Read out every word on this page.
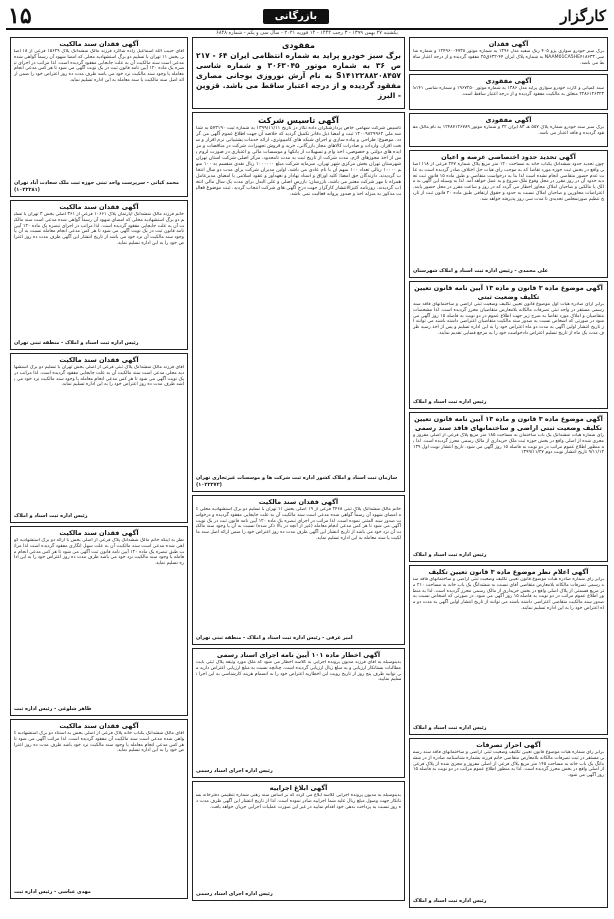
کارگزار
بازرگانی
۱۵
یکشنبه ۲۷ بهمن ۱۳۹۹ - ۳ رجب ۱۴۴۲ - ۱۴ فوریه ۲۰۲۱ - سال سی و یکم - شماره ۶۸۴۸
آگهی فقدان
برگ سبز خودرو سواری پژو ۴۰۵ رنگ سفید مدل ۱۳۹۶ به شماره موتور ۱۲۴۹۶۰۰۴۷۳۸ و شماره شاسی NAAM01CA5HE۴۱۸۶۳۳ به شماره پلاک ایران ۴۴-۶۳۲ق۲۵ مفقود گردیده و از درجه اعتبار ساقط می باشد.
آگهی مفقودی
سند کمپانی و کارت خودرو سواری پراید مدل ۱۳۸۶ به شماره موتور ۱۹۶۷۲۵۰ و شماره شاسی S۱۴۱۲۲۸۶۱۲۶۳۲۳ متعلق به مالکیت مفقود گردیده و از درجه اعتبار ساقط است.
آگهی مفقودی
برگ سبز سند خودرو شماره پلاک ۵۵۷ هـ ۸۳ ایران ۲۲ و شماره موتور ۱۲۴۸۷۱۲۶۷۸۹ به نام مالک مفقود گردیده و فاقد اعتبار می باشد.
آگهی تحدید حدود اختصاصی عرصه و اعیان
چون تحدید حدود ششدانگ یکباب خانه به مساحت ۱۲۰ متر مربع پلاک شماره ۲۴۷ فرعی از ۱۱۸ اصلی واقع در بخش ثبت حوزه مورد تقاضا که به موجب رای هیات حل اختلاف صادر گردیده است به علت عدم حضور متقاضی انجام نشده است لذا بنا به درخواست متقاضی و طبق ماده ۱۵ قانون ثبت تحدید حدود آن در روز مقرر در محل وقوع ملک شروع و به عمل خواهد آمد. لذا به وسیله این آگهی به مالک یا مالکین و صاحبان املاک مجاور اخطار می گردد که در روز و ساعت مقرر در محل حضور یابند. اعتراضات مجاورین و صاحبان املاک نسبت به حدود و حقوق ارتفاقی طبق ماده ۲۰ قانون ثبت از تاریخ تنظیم صورتمجلس تحدیدی تا مدت سی روز پذیرفته خواهد شد.
علی محمدی - رئیس اداره ثبت اسناد و املاک شهرستان
آگهی موضوع ماده ۳ قانون و ماده ۱۳ آیین نامه قانون تعیین تکلیف وضعیت ثبتی
برابر آرای صادره هیات اول موضوع قانون تعیین تکلیف وضعیت ثبتی اراضی و ساختمانهای فاقد سند رسمی مستقر در واحد ثبتی تصرفات مالکانه بلامعارض متقاضیان محرز گردیده است. لذا مشخصات متقاضیان و املاک مورد تقاضا به شرح زیر جهت اطلاع عموم در دو نوبت به فاصله ۱۵ روز آگهی می شود در صورتی که اشخاص نسبت به صدور سند مالکیت متقاضیان اعتراضی داشته باشند می توانند از تاریخ انتشار اولین آگهی به مدت دو ماه اعتراض خود را به این اداره تسلیم و پس از اخذ رسید ظرف مدت یک ماه از تاریخ تسلیم اعتراض دادخواست خود را به مرجع قضایی تقدیم نمایند.
رئیس اداره ثبت اسناد و املاک
آگهی موضوع ماده ۳ قانون و ماده ۱۳ آیین نامه قانون تعیین تکلیف وضعیت ثبتی اراضی و ساختمانهای فاقد سند رسمی
رای شماره هیات ششدانگ یک باب ساختمان به مساحت ۱۸۵ متر مربع پلاک فرعی از اصلی مفروز و مجزی شده از اصلی واقع در بخش حوزه ثبت ملک خریداری از مالک رسمی محرز گردیده است. لذا به منظور اطلاع عموم مراتب در دو نوبت به فاصله ۱۵ روز آگهی می شود. تاریخ انتشار نوبت اول ۱۳۹۹/۱۱/۱۲ تاریخ انتشار نوبت دوم ۱۳۹۹/۱۱/۲۷
رئیس اداره ثبت اسناد و املاک
آگهی اعلام نظر موضوع ماده ۳ قانون تعیین تکلیف
برابر رای شماره صادره هیات موضوع قانون تعیین تکلیف وضعیت ثبتی اراضی و ساختمانهای فاقد سند رسمی تصرفات مالکانه بلامعارض متقاضی آقای نسبت به ششدانگ یک باب خانه به مساحت ۲۱۰ متر مربع قسمتی از پلاک اصلی واقع در بخش خریداری از مالک رسمی محرز گردیده است. لذا به منظور اطلاع عموم مراتب در دو نوبت به فاصله ۱۵ روز آگهی می شود. در صورتی که اشخاص نسبت به صدور سند مالکیت متقاضی اعتراضی داشته باشند می توانند از تاریخ انتشار اولین آگهی به مدت دو ماه اعتراض خود را به این اداره تسلیم نمایند.
رئیس اداره ثبت اسناد و املاک
آگهی احراز تصرفات
برابر رای شماره هیات موضوع قانون تعیین تکلیف وضعیت ثبتی اراضی و ساختمانهای فاقد سند رسمی مستقر در ثبت تصرفات مالکانه بلامعارض متقاضی خانم فرزند بشماره شناسنامه صادره از در ششدانگ یک باب خانه به مساحت ۱۴۵ متر مربع پلاک فرعی از اصلی مفروز و مجزی شده از پلاک فرعی از اصلی واقع در بخش محرز گردیده است. لذا به منظور اطلاع عموم مراتب در دو نوبت به فاصله ۱۵ روز آگهی می شود.
رئیس اداره ثبت اسناد و املاک
مفقودی
برگ سبز خودرو پراید به شماره انتظامی ایران ۶۴ - ۲۱۷ ص ۳۶ به شماره موتور ۳۰۶۳۰۴۵ و شماره شاسی S۱۴۱۲۲۸۸۲۰۸۴۵۷ به نام آرش نوروزی بوجانی مصاری مفقود گردیده و از درجه اعتبار ساقط می باشد. قزوین - البرز
آگهی تاسیس شرکت
تاسیس شرکت سهامی خاص پردازشگران داده تکار در تاریخ ۱۳۹۹/۱۱/۱۱ به شماره ثبت ۵۷۳۱۹۰ به شناسه ملی ۱۴۰۰۹۸۲۹۹۶۲ ثبت و امضا ذیل دفاتر تکمیل گردید که خلاصه آن جهت اطلاع عموم آگهی می گردد. موضوع: طراحی و پیاده سازی و اجرای شبکه های کامپیوتری، ارائه خدمات پشتیبانی نرم افزار و سخت افزار، واردات و صادرات کالاهای مجاز بازرگانی، خرید و فروش تجهیزات، شرکت در مناقصات و مزایده های دولتی و خصوصی، اخذ وام و تسهیلات از بانکها و موسسات مالی و اعتباری در صورت لزوم پس از اخذ مجوزهای لازم. مدت شرکت از تاریخ ثبت به مدت نامحدود. مرکز اصلی شرکت استان تهران شهرستان تهران بخش مرکزی شهر تهران. سرمایه شرکت مبلغ ۱۰۰۰۰۰۰ ریال نقدی منقسم به ۱۰۰ سهم ۱۰۰۰۰ ریالی تعداد ۱۰۰ سهم آن با نام عادی می باشد. اولین مدیران شرکت برای مدت دو سال انتخاب گردیدند. دارندگان حق امضا: کلیه اوراق و اسناد بهادار و تعهدآور و عقود اسلامی با امضای مدیرعامل همراه با مهر شرکت معتبر می باشد. بازرسان: بازرس اصلی و علی البدل برای مدت یک سال مالی انتخاب گردیدند. روزنامه کثیرالانتشار کارگزار جهت درج آگهی های شرکت انتخاب گردید. ثبت موضوع فعالیت مذکور به منزله اخذ و صدور پروانه فعالیت نمی باشد.
سازمان ثبت اسناد و املاک کشور اداره ثبت شرکت ها و موسسات غیرتجاری تهران (۱۰۲۲۲۷۲)
آگهی فقدان سند مالکیت
خانم مالک ششدانگ پلاک ثبتی ۲۴۶۸ فرعی از ۱۹ اصلی بخش ۱۱ تهران با تسلیم دو برگ استشهادیه محلی که امضای شهود آن رسماً گواهی شده مدعی است سند مالکیت آن به علت جابجایی مفقود گردیده و درخواست صدور سند المثنی نموده است. لذا مراتب در اجرای تبصره یک ماده ۱۲۰ آیین نامه قانون ثبت در یک نوبت آگهی می شود تا هر کس مدعی انجام معامله (غیر از آنچه در بالا ذکر شده) نسبت به آن یا وجود سند مالکیت آن نزد خود می باشد از تاریخ انتشار این آگهی ظرف مدت ده روز اعتراض خود را ضمن ارائه اصل سند مالکیت یا سند معامله به این اداره تسلیم نماید.
امیر غرقی - رئیس اداره ثبت اسناد و املاک - منطقه ثبتی تهران
آگهی اخطار ماده ۱۰۱ آیین نامه اجرای اسناد رسمی
بدینوسیله به آقای فرزند مدیون پرونده اجرایی به کلاسه اخطار می شود که ملک مورد وثیقه پلاک ثبتی بابت مطالبات بستانکار ارزیابی و به مبلغ ریال ارزیابی گردیده است. چنانچه نسبت به مبلغ ارزیابی اعتراض دارید می توانید ظرف پنج روز از تاریخ رویت این اخطاریه اعتراض خود را به انضمام هزینه کارشناسی به این اجرا تسلیم نمایید.
رئیس اداره اجرای اسناد رسمی
آگهی ابلاغ اجراییه
بدینوسیله به مدیون پرونده اجرایی کلاسه ابلاغ می گردد که بر اساس سند رهنی شماره تنظیمی دفترخانه بستانکار جهت وصول مبلغ ریال علیه شما اجراییه صادر نموده است. لذا از تاریخ انتشار این آگهی ظرف مدت ده روز نسبت به پرداخت بدهی خود اقدام نمایید در غیر این صورت عملیات اجرایی جریان خواهد یافت.
رئیس اداره اجرای اسناد رسمی
آگهی فقدان سند مالکیت
آقای حبیب الله اسماعیل زاده شاگرد فرزند مالک ششدانگ پلاک ۱۵۶۲۹ فرعی از ۱۸ اصلی بخش ۱۱ تهران با تسلیم دو برگ استشهادیه محلی که امضا شهود آن رسماً گواهی شده مدعی است سند مالکیت آن به علت جابجایی مفقود گردیده است. لذا مراتب در اجرای تبصره یک ماده ۱۲۰ آیین نامه قانون ثبت در یک نوبت آگهی می شود تا هر کس مدعی انجام معامله یا وجود سند مالکیت نزد خود می باشد ظرف مدت ده روز اعتراض خود را ضمن ارائه اصل سند مالکیت یا سند معامله به این اداره تسلیم نماید.
محمد کیانی - سرپرست واحد ثبتی حوزه ثبت ملک سعادت آباد تهران (۱۰۲۲۲۸۱)
آگهی فقدان سند مالکیت
خانم فرزند مالک ششدانگ آپارتمان پلاک ۱۰۶۶۱ فرعی از ۳۶۱ اصلی بخش ۳ تهران با تسلیم دو برگ استشهادیه محلی که امضای شهود آن رسماً گواهی شده مدعی است سند مالکیت آن به علت جابجایی مفقود گردیده است. لذا مراتب در اجرای تبصره یک ماده ۱۲۰ آیین نامه قانون ثبت در یک نوبت آگهی می شود تا هر کس مدعی انجام معامله نسبت به آن یا وجود سند مالکیت آن نزد خود می باشد از تاریخ انتشار این آگهی ظرف مدت ده روز اعتراض خود را به این اداره تسلیم نماید.
رئیس اداره ثبت اسناد و املاک - منطقه ثبتی تهران
آگهی فقدان سند مالکیت
آقای فرزند مالک ششدانگ پلاک ثبتی فرعی از اصلی بخش تهران با تسلیم دو برگ استشهادیه محلی مدعی است سند مالکیت آن به علت جابجایی مفقود گردیده است. لذا مراتب در یک نوبت آگهی می شود تا هر کس مدعی انجام معامله یا وجود سند مالکیت نزد خود می باشد ظرف مدت ده روز اعتراض خود را به این اداره تسلیم نماید.
رئیس اداره ثبت اسناد و املاک
آگهی فقدان سند مالکیت
نظر به اینکه خانم مالک ششدانگ پلاک فرعی از اصلی بخش با ارائه دو برگ استشهادیه گواهی شده مدعی است سند مالکیت آن به علت سهل انگاری مفقود گردیده است لذا مراتب طبق تبصره یک ماده ۱۲۰ آیین نامه قانون ثبت آگهی می شود تا هر کس مدعی انجام معامله یا وجود سند مالکیت نزد خود می باشد ظرف مدت ده روز اعتراض خود را به این اداره تسلیم نماید.
ظاهر شلوغی - رئیس اداره ثبت
آگهی فقدان سند مالکیت
آقای مالک ششدانگ یکباب خانه پلاک فرعی از اصلی بخش به استناد دو برگ استشهادیه گواهی شده مدعی است سند مالکیت آن مفقود گردیده است. لذا مراتب آگهی می شود تا هر کس مدعی انجام معامله یا وجود سند مالکیت نزد خود باشد ظرف مدت ده روز اعتراض خود را به این اداره تسلیم نماید.
مهدی عباسی - رئیس اداره ثبت
